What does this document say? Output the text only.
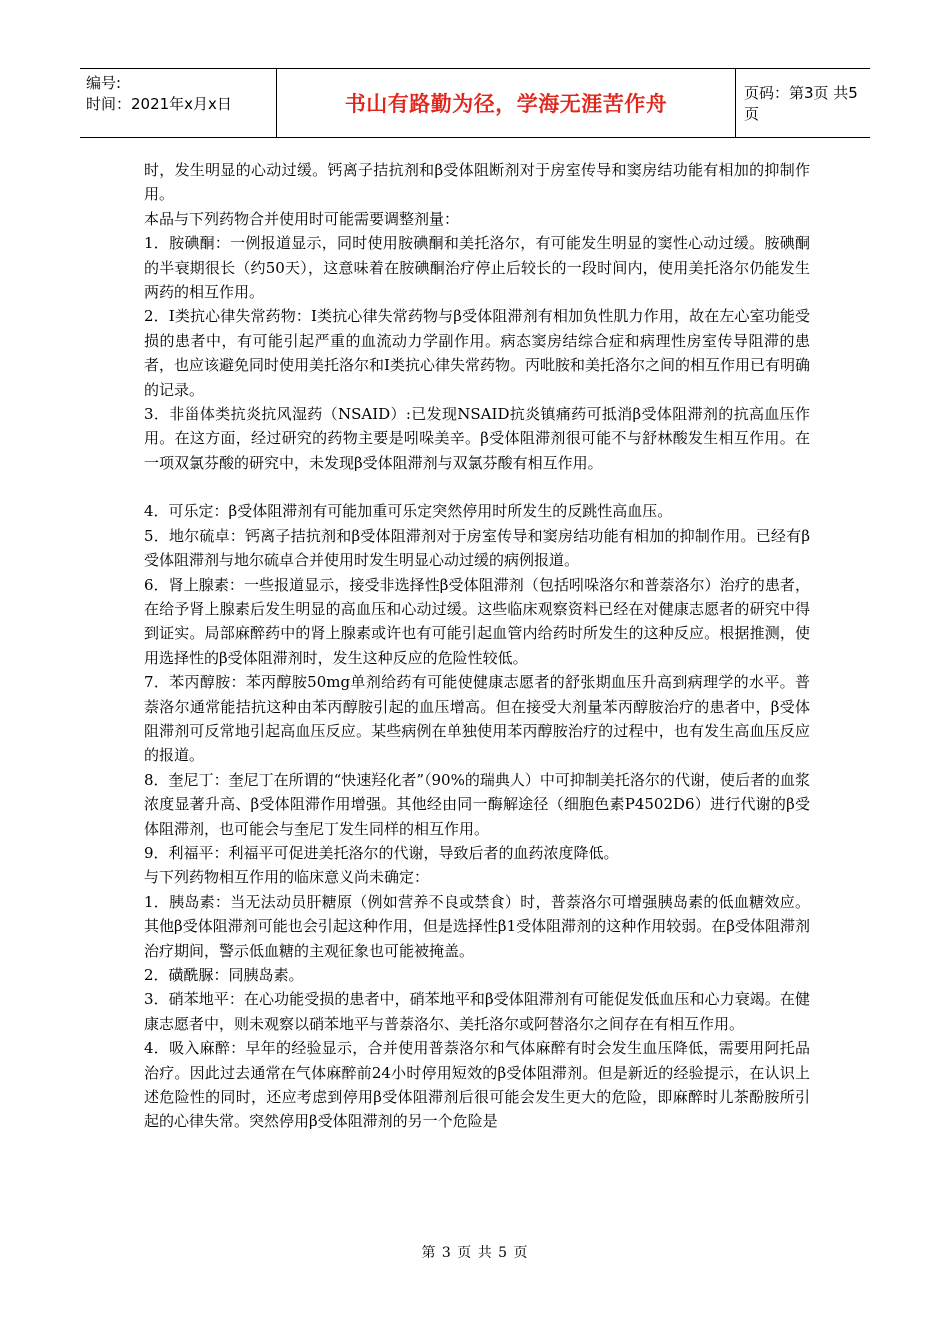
编号:
时间：2021年x月x日	书山有路勤为径，学海无涯苦作舟	页码：第3页 共5页

时，发生明显的心动过缓。钙离子拮抗剂和β受体阻断剂对于房室传导和窦房结功能有相加的抑制作用。

本品与下列药物合并使用时可能需要调整剂量：

1．胺碘酮：一例报道显示，同时使用胺碘酮和美托洛尔，有可能发生明显的窦性心动过缓。胺碘酮的半衰期很长（约50天），这意味着在胺碘酮治疗停止后较长的一段时间内，使用美托洛尔仍能发生两药的相互作用。

2．Ⅰ类抗心律失常药物：Ⅰ类抗心律失常药物与β受体阻滞剂有相加负性肌力作用，故在左心室功能受损的患者中，有可能引起严重的血流动力学副作用。病态窦房结综合症和病理性房室传导阻滞的患者，也应该避免同时使用美托洛尔和Ⅰ类抗心律失常药物。丙吡胺和美托洛尔之间的相互作用已有明确的记录。

3．非甾体类抗炎抗风湿药（NSAID）:已发现NSAID抗炎镇痛药可抵消β受体阻滞剂的抗高血压作用。在这方面，经过研究的药物主要是吲哚美辛。β受体阻滞剂很可能不与舒林酸发生相互作用。在一项双氯芬酸的研究中，未发现β受体阻滞剂与双氯芬酸有相互作用。

4．可乐定：β受体阻滞剂有可能加重可乐定突然停用时所发生的反跳性高血压。

5．地尔硫卓：钙离子拮抗剂和β受体阻滞剂对于房室传导和窦房结功能有相加的抑制作用。已经有β受体阻滞剂与地尔硫卓合并使用时发生明显心动过缓的病例报道。

6．肾上腺素：一些报道显示，接受非选择性β受体阻滞剂（包括吲哚洛尔和普萘洛尔）治疗的患者，在给予肾上腺素后发生明显的高血压和心动过缓。这些临床观察资料已经在对健康志愿者的研究中得到证实。局部麻醉药中的肾上腺素或许也有可能引起血管内给药时所发生的这种反应。根据推测，使用选择性的β受体阻滞剂时，发生这种反应的危险性较低。

7．苯丙醇胺：苯丙醇胺50mg单剂给药有可能使健康志愿者的舒张期血压升高到病理学的水平。普萘洛尔通常能拮抗这种由苯丙醇胺引起的血压增高。但在接受大剂量苯丙醇胺治疗的患者中，β受体阻滞剂可反常地引起高血压反应。某些病例在单独使用苯丙醇胺治疗的过程中，也有发生高血压反应的报道。

8．奎尼丁：奎尼丁在所谓的“快速羟化者”（90%的瑞典人）中可抑制美托洛尔的代谢，使后者的血浆浓度显著升高、β受体阻滞作用增强。其他经由同一酶解途径（细胞色素P4502D6）进行代谢的β受体阻滞剂，也可能会与奎尼丁发生同样的相互作用。

9．利福平：利福平可促进美托洛尔的代谢，导致后者的血药浓度降低。

与下列药物相互作用的临床意义尚未确定：

1．胰岛素：当无法动员肝糖原（例如营养不良或禁食）时，普萘洛尔可增强胰岛素的低血糖效应。其他β受体阻滞剂可能也会引起这种作用，但是选择性β1受体阻滞剂的这种作用较弱。在β受体阻滞剂治疗期间，警示低血糖的主观征象也可能被掩盖。

2．磺酰脲：同胰岛素。

3．硝苯地平：在心功能受损的患者中，硝苯地平和β受体阻滞剂有可能促发低血压和心力衰竭。在健康志愿者中，则未观察以硝苯地平与普萘洛尔、美托洛尔或阿替洛尔之间存在有相互作用。

4．吸入麻醉：早年的经验显示，合并使用普萘洛尔和气体麻醉有时会发生血压降低，需要用阿托品治疗。因此过去通常在气体麻醉前24小时停用短效的β受体阻滞剂。但是新近的经验提示，在认识上述危险性的同时，还应考虑到停用β受体阻滞剂后很可能会发生更大的危险，即麻醉时儿茶酚胺所引起的心律失常。突然停用β受体阻滞剂的另一个危险是

第 3 页 共 5 页
